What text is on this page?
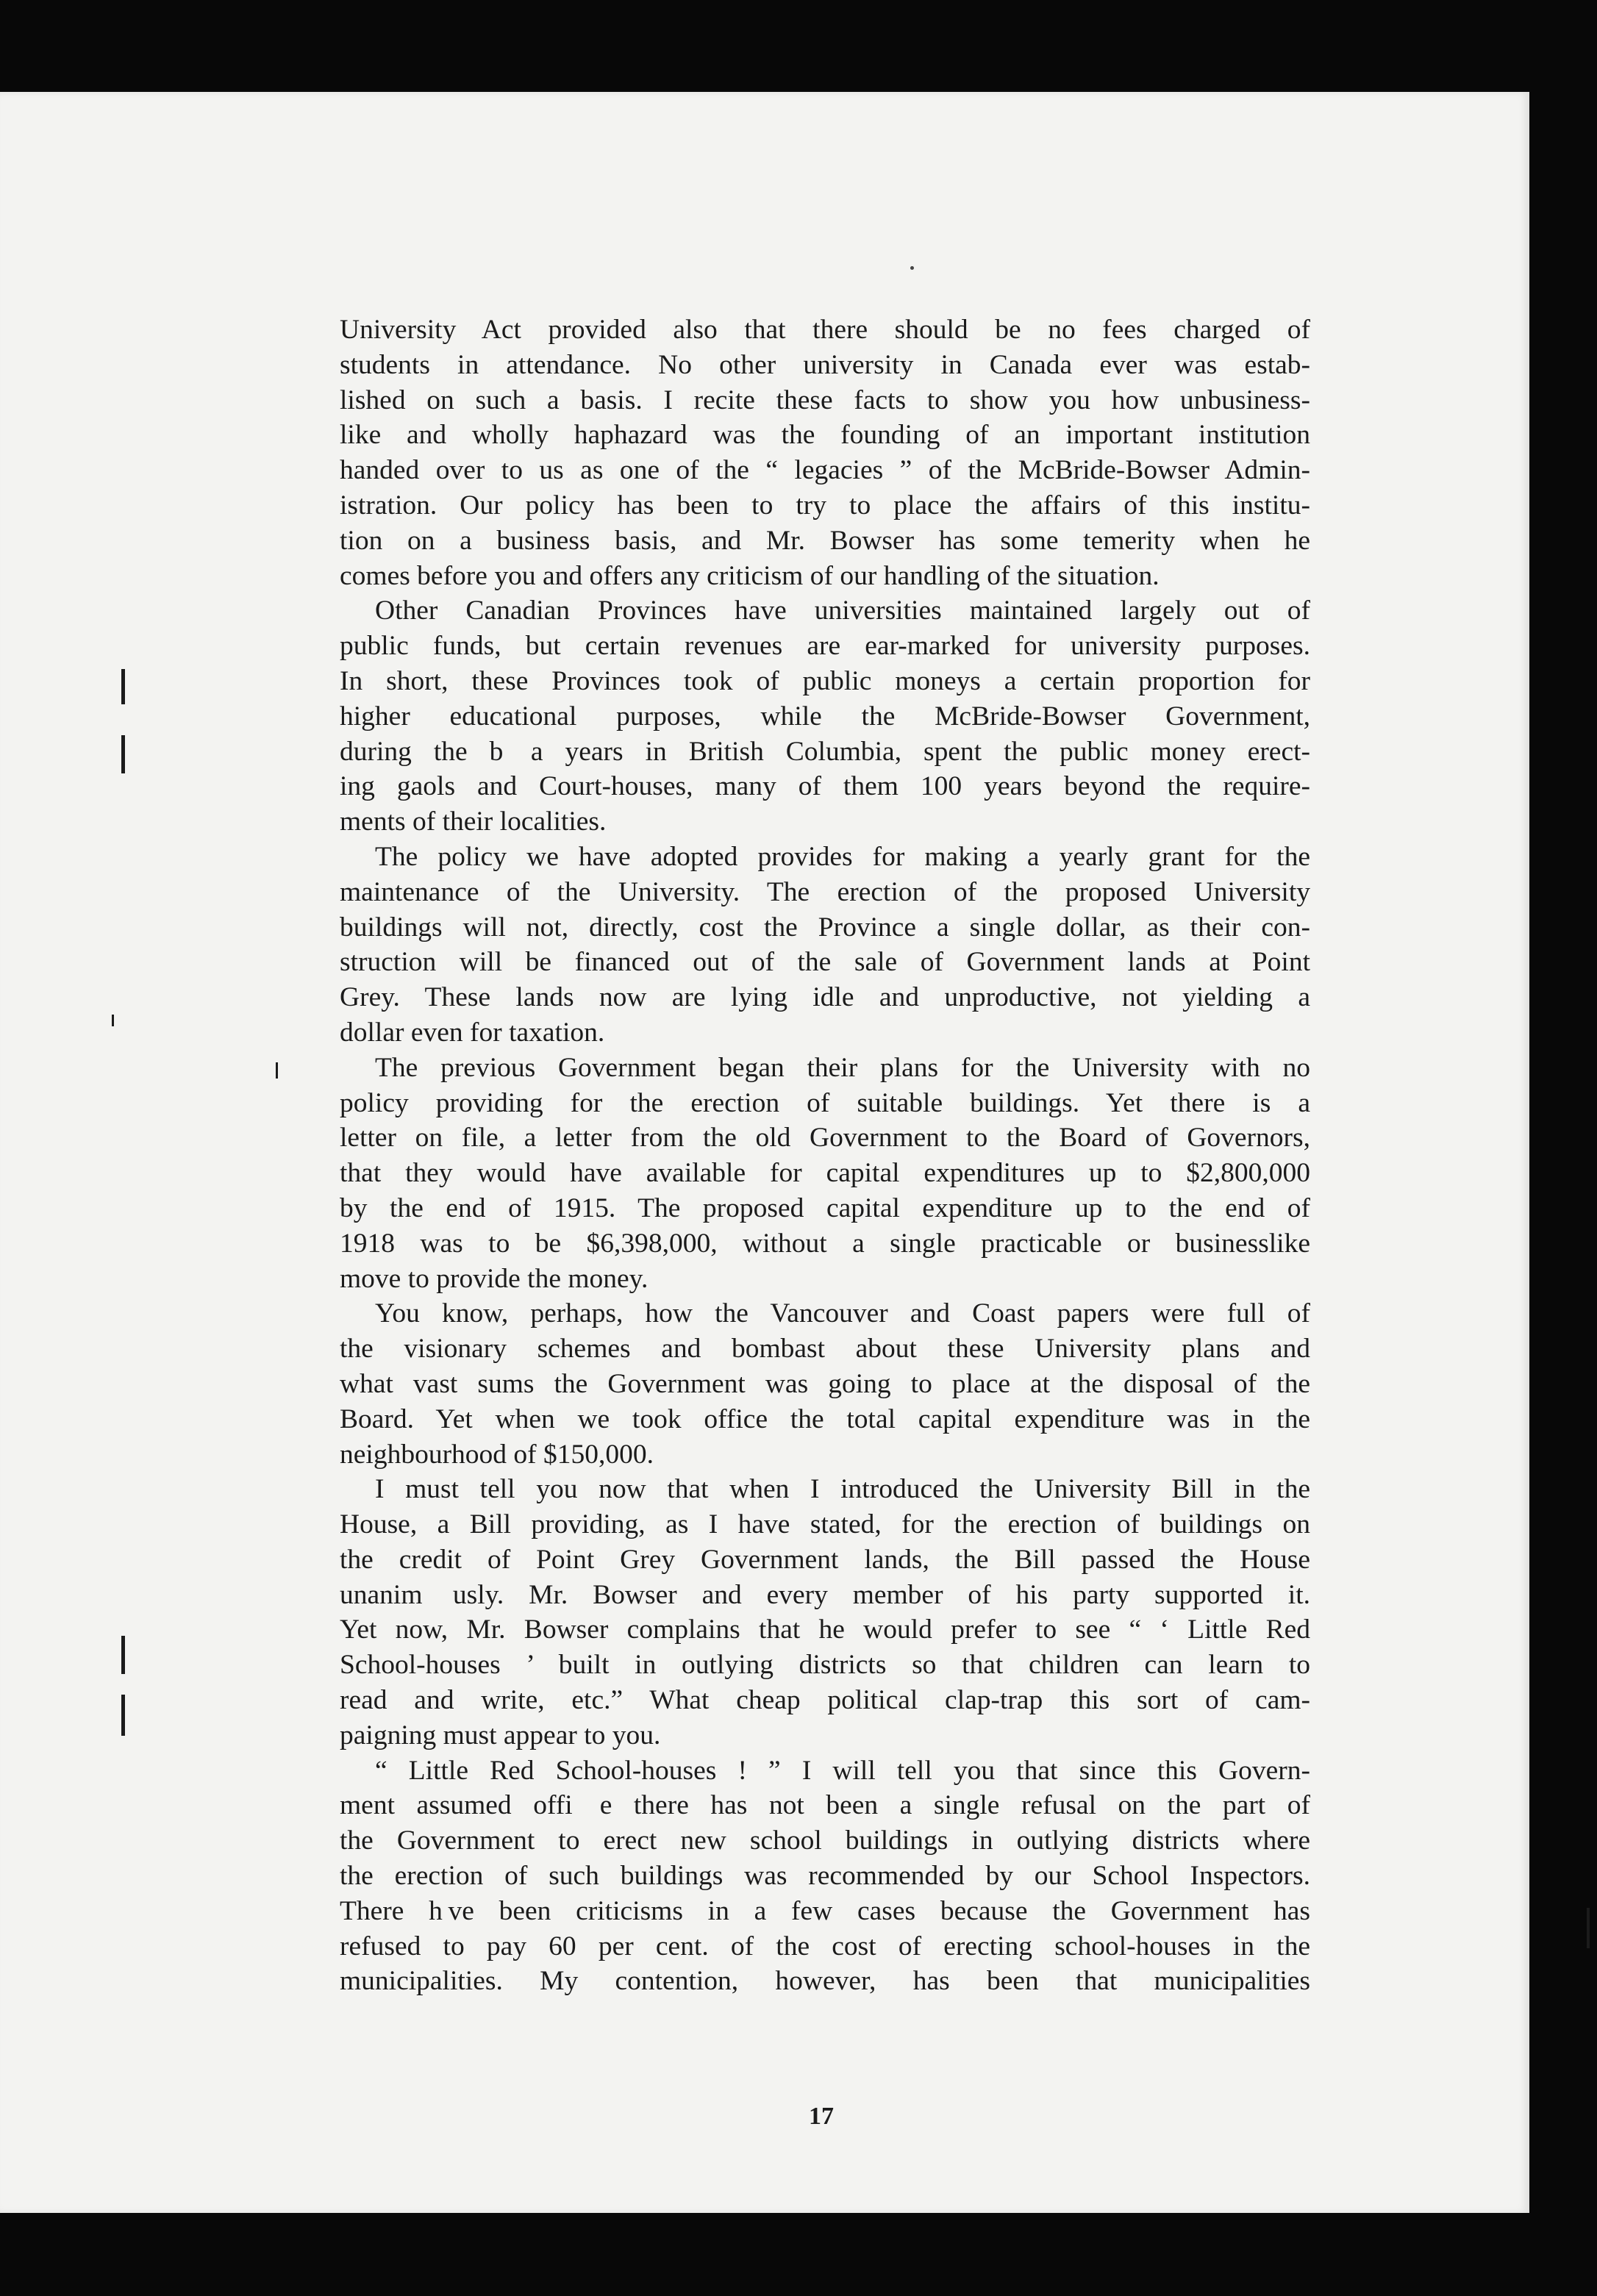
University Act provided also that there should be no fees charged of
students in attendance. No other university in Canada ever was estab-
lished on such a basis. I recite these facts to show you how unbusiness-
like and wholly haphazard was the founding of an important institution
handed over to us as one of the “ legacies ” of the McBride-Bowser Admin-
istration. Our policy has been to try to place the affairs of this institu-
tion on a business basis, and Mr. Bowser has some temerity when he
comes before you and offers any criticism of our handling of the situation.
Other Canadian Provinces have universities maintained largely out of
public funds, but certain revenues are ear-marked for university purposes.
In short, these Provinces took of public moneys a certain proportion for
higher educational purposes, while the McBride-Bowser Government,
during the b  a years in British Columbia, spent the public money erect-
ing gaols and Court-houses, many of them 100 years beyond the require-
ments of their localities.
The policy we have adopted provides for making a yearly grant for the
maintenance of the University. The erection of the proposed University
buildings will not, directly, cost the Province a single dollar, as their con-
struction will be financed out of the sale of Government lands at Point
Grey. These lands now are lying idle and unproductive, not yielding a
dollar even for taxation.
The previous Government began their plans for the University with no
policy providing for the erection of suitable buildings. Yet there is a
letter on file, a letter from the old Government to the Board of Governors,
that they would have available for capital expenditures up to $2,800,000
by the end of 1915. The proposed capital expenditure up to the end of
1918 was to be $6,398,000, without a single practicable or businesslike
move to provide the money.
You know, perhaps, how the Vancouver and Coast papers were full of
the visionary schemes and bombast about these University plans and
what vast sums the Government was going to place at the disposal of the
Board. Yet when we took office the total capital expenditure was in the
neighbourhood of $150,000.
I must tell you now that when I introduced the University Bill in the
House, a Bill providing, as I have stated, for the erection of buildings on
the credit of Point Grey Government lands, the Bill passed the House
unanim  usly. Mr. Bowser and every member of his party supported it.
Yet now, Mr. Bowser complains that he would prefer to see “ ‘ Little Red
School-houses ’ built in outlying districts so that children can learn to
read and write, etc.” What cheap political clap-trap this sort of cam-
paigning must appear to you.
“ Little Red School-houses ! ” I will tell you that since this Govern-
ment assumed offi  e there has not been a single refusal on the part of
the Government to erect new school buildings in outlying districts where
the erection of such buildings was recommended by our School Inspectors.
There h ve been criticisms in a few cases because the Government has
refused to pay 60 per cent. of the cost of erecting school-houses in the
municipalities. My contention, however, has been that municipalities
17
